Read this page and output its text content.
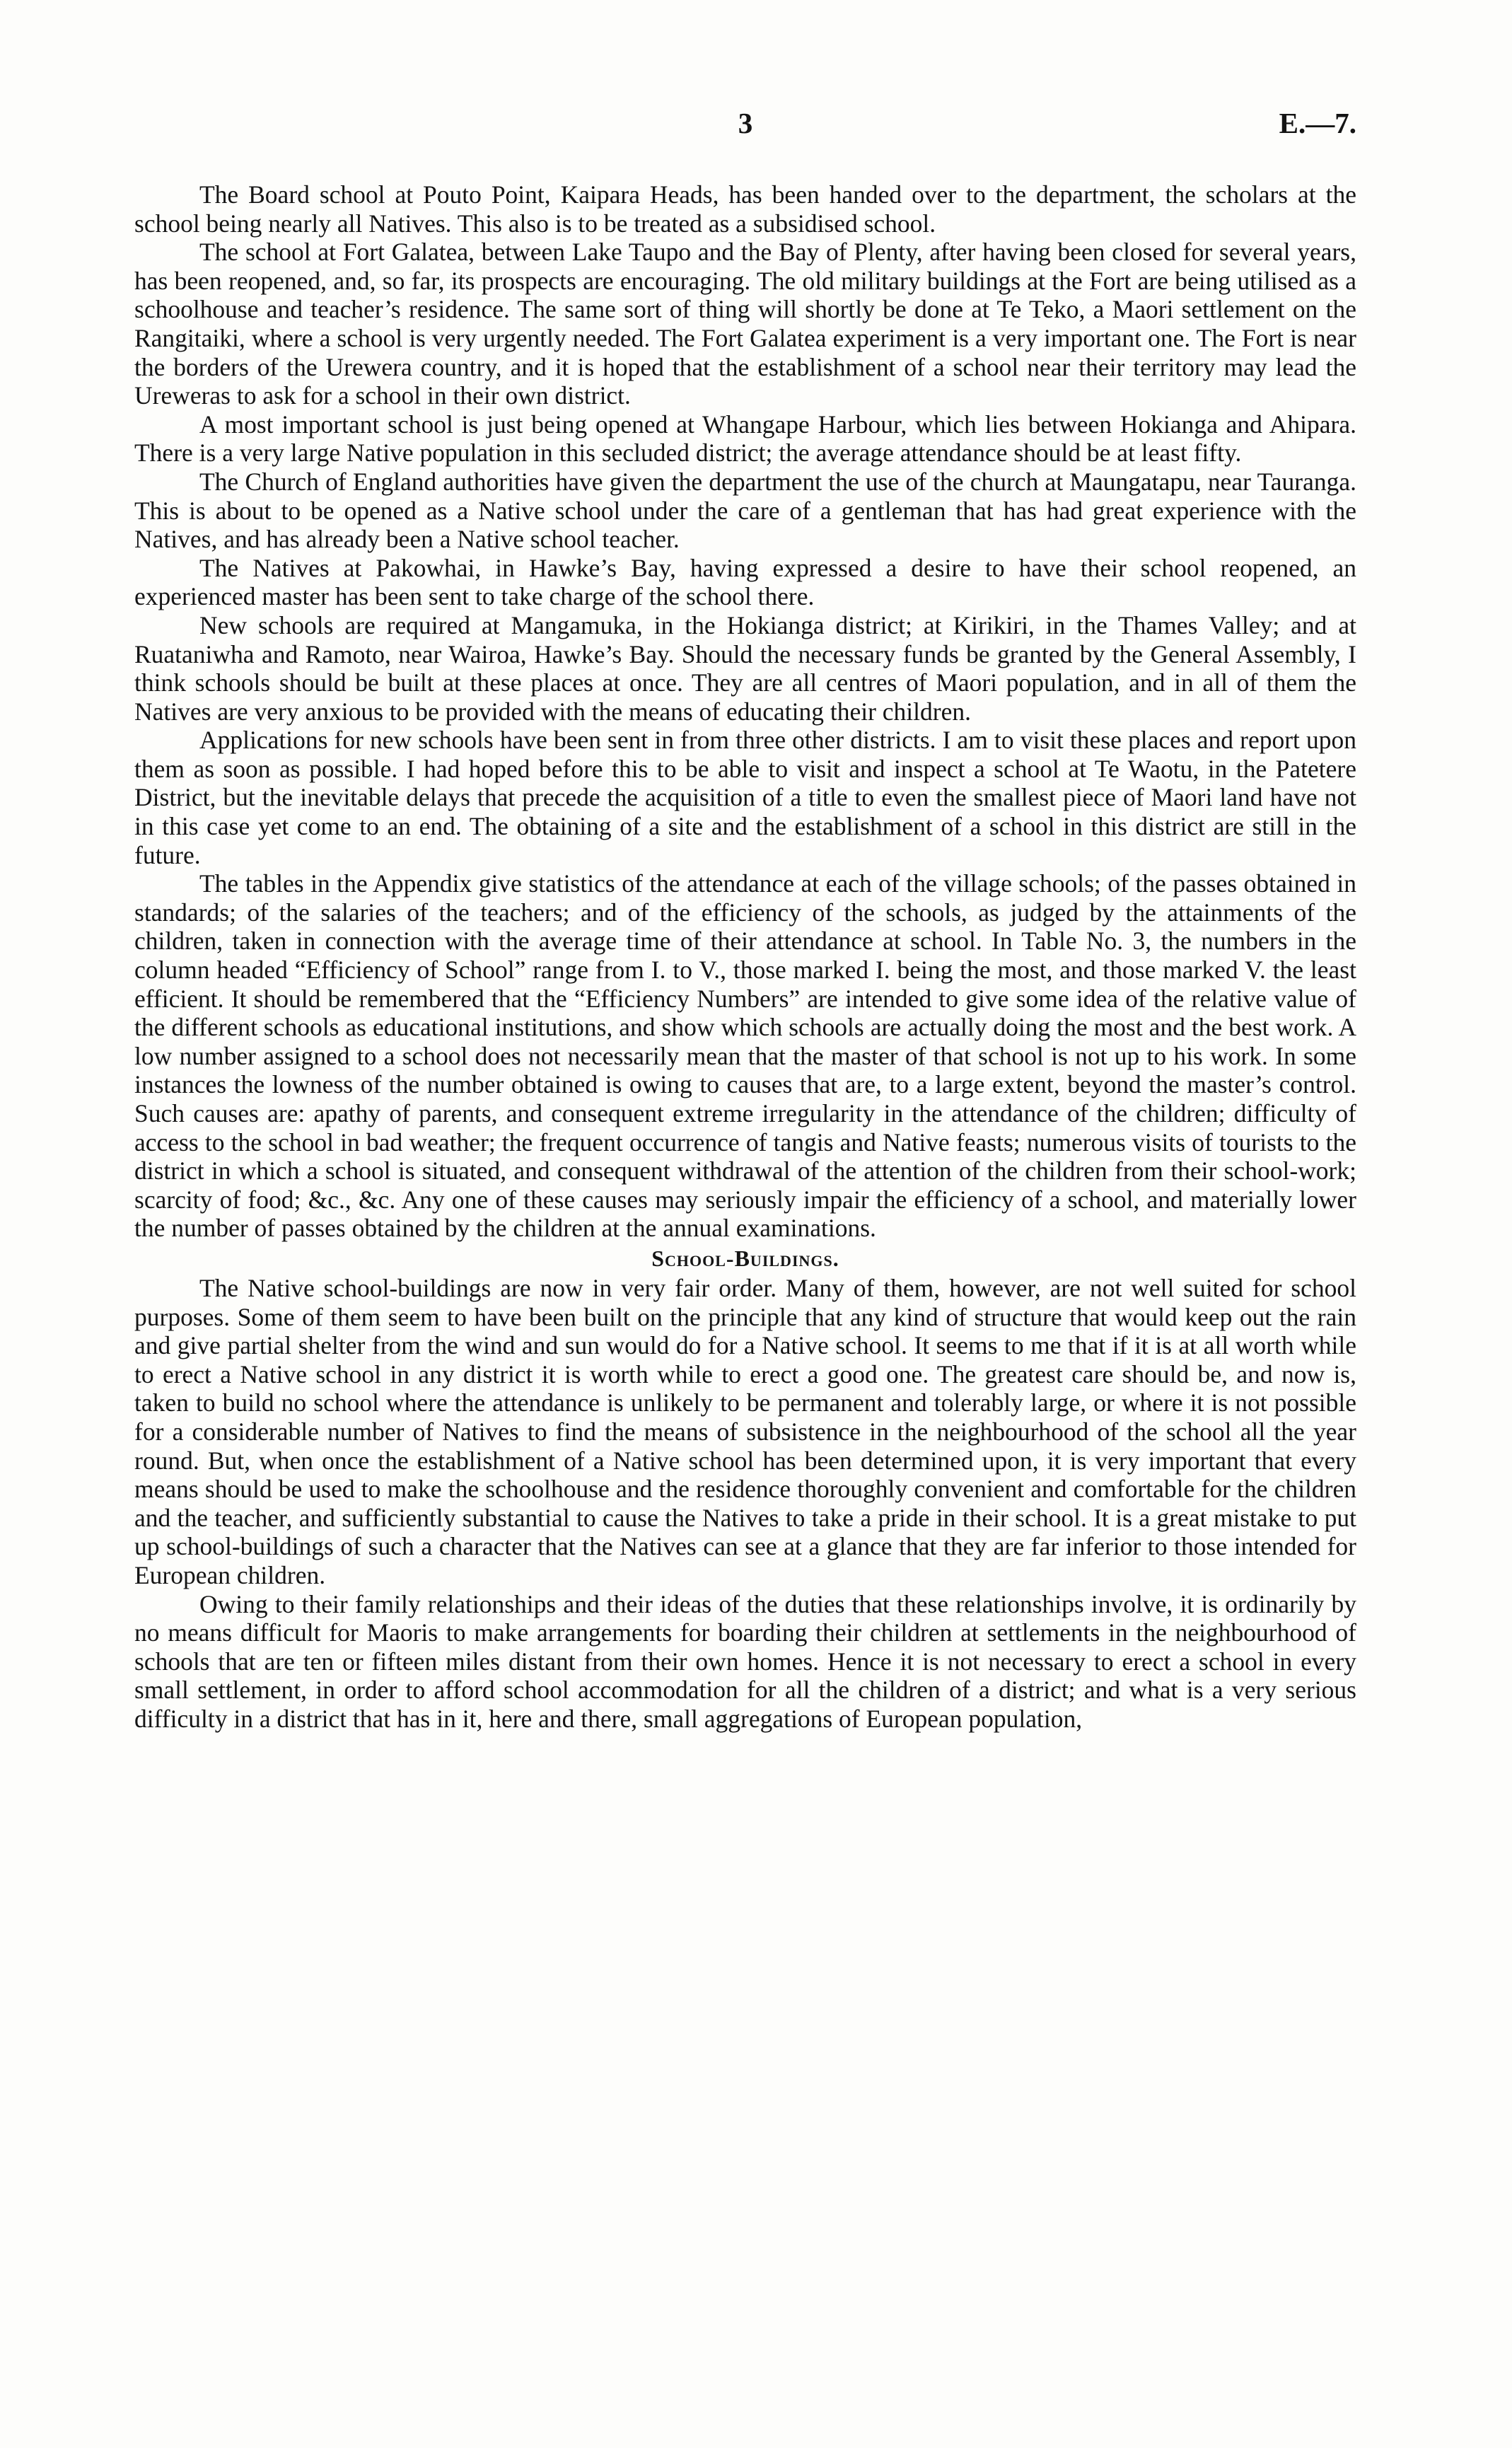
3	E.—7.

The Board school at Pouto Point, Kaipara Heads, has been handed over to the department, the scholars at the school being nearly all Natives. This also is to be treated as a subsidised school.

The school at Fort Galatea, between Lake Taupo and the Bay of Plenty, after having been closed for several years, has been reopened, and, so far, its prospects are encouraging. The old military buildings at the Fort are being utilised as a schoolhouse and teacher’s residence. The same sort of thing will shortly be done at Te Teko, a Maori settlement on the Rangitaiki, where a school is very urgently needed. The Fort Galatea experiment is a very important one. The Fort is near the borders of the Urewera country, and it is hoped that the establishment of a school near their territory may lead the Ureweras to ask for a school in their own district.

A most important school is just being opened at Whangape Harbour, which lies between Hokianga and Ahipara. There is a very large Native population in this secluded district; the average attendance should be at least fifty.

The Church of England authorities have given the department the use of the church at Maungatapu, near Tauranga. This is about to be opened as a Native school under the care of a gentleman that has had great experience with the Natives, and has already been a Native school teacher.

The Natives at Pakowhai, in Hawke’s Bay, having expressed a desire to have their school reopened, an experienced master has been sent to take charge of the school there.

New schools are required at Mangamuka, in the Hokianga district; at Kirikiri, in the Thames Valley; and at Ruataniwha and Ramoto, near Wairoa, Hawke’s Bay. Should the necessary funds be granted by the General Assembly, I think schools should be built at these places at once. They are all centres of Maori population, and in all of them the Natives are very anxious to be provided with the means of educating their children.

Applications for new schools have been sent in from three other districts. I am to visit these places and report upon them as soon as possible. I had hoped before this to be able to visit and inspect a school at Te Waotu, in the Patetere District, but the inevitable delays that precede the acquisition of a title to even the smallest piece of Maori land have not in this case yet come to an end. The obtaining of a site and the establishment of a school in this district are still in the future.

The tables in the Appendix give statistics of the attendance at each of the village schools; of the passes obtained in standards; of the salaries of the teachers; and of the efficiency of the schools, as judged by the attainments of the children, taken in connection with the average time of their attendance at school. In Table No. 3, the numbers in the column headed “Efficiency of School” range from I. to V., those marked I. being the most, and those marked V. the least efficient. It should be remembered that the “Efficiency Numbers” are intended to give some idea of the relative value of the different schools as educational institutions, and show which schools are actually doing the most and the best work. A low number assigned to a school does not necessarily mean that the master of that school is not up to his work. In some instances the lowness of the number obtained is owing to causes that are, to a large extent, beyond the master’s control. Such causes are: apathy of parents, and consequent extreme irregularity in the attendance of the children; difficulty of access to the school in bad weather; the frequent occurrence of tangis and Native feasts; numerous visits of tourists to the district in which a school is situated, and consequent withdrawal of the attention of the children from their school-work; scarcity of food; &c., &c. Any one of these causes may seriously impair the efficiency of a school, and materially lower the number of passes obtained by the children at the annual examinations.

School-Buildings.

The Native school-buildings are now in very fair order. Many of them, however, are not well suited for school purposes. Some of them seem to have been built on the principle that any kind of structure that would keep out the rain and give partial shelter from the wind and sun would do for a Native school. It seems to me that if it is at all worth while to erect a Native school in any district it is worth while to erect a good one. The greatest care should be, and now is, taken to build no school where the attendance is unlikely to be permanent and tolerably large, or where it is not possible for a considerable number of Natives to find the means of subsistence in the neighbourhood of the school all the year round. But, when once the establishment of a Native school has been determined upon, it is very important that every means should be used to make the schoolhouse and the residence thoroughly convenient and comfortable for the children and the teacher, and sufficiently substantial to cause the Natives to take a pride in their school. It is a great mistake to put up school-buildings of such a character that the Natives can see at a glance that they are far inferior to those intended for European children.

Owing to their family relationships and their ideas of the duties that these relationships involve, it is ordinarily by no means difficult for Maoris to make arrangements for boarding their children at settlements in the neighbourhood of schools that are ten or fifteen miles distant from their own homes. Hence it is not necessary to erect a school in every small settlement, in order to afford school accommodation for all the children of a district; and what is a very serious difficulty in a district that has in it, here and there, small aggregations of European population,
